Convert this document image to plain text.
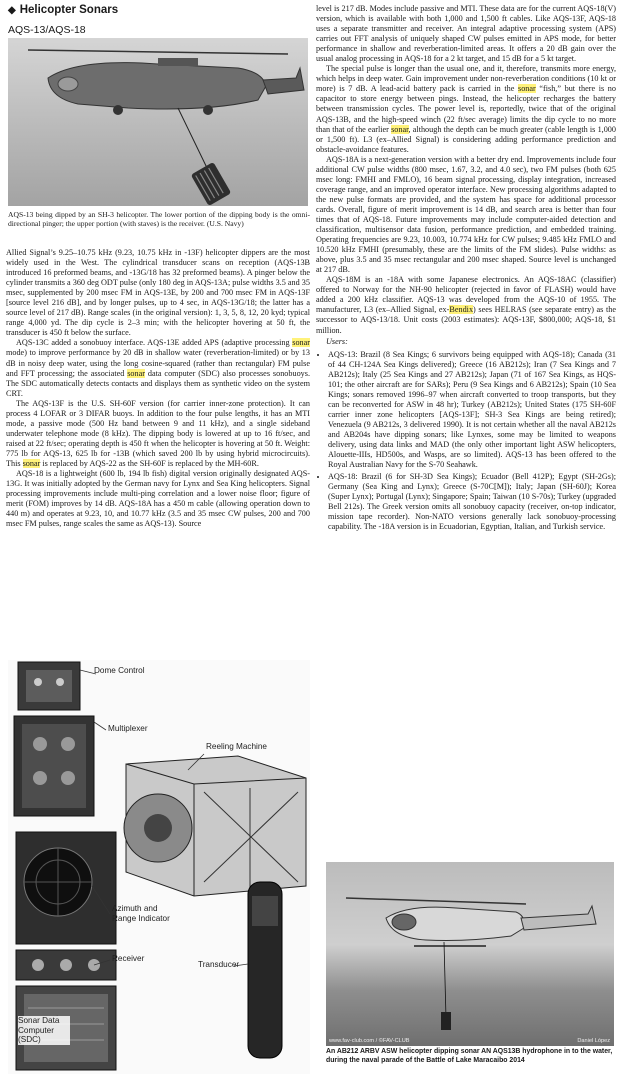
◆ Helicopter Sonars
AQS-13/AQS-18
AQS-13 being dipped by an SH-3 helicopter. The lower portion of the dipping body is the omni-directional pinger; the upper portion (with staves) is the receiver. (U.S. Navy)

Allied Signal’s 9.25–10.75 kHz (9.23, 10.75 kHz in -13F) helicopter dippers are the most widely used in the West. The cylindrical transducer scans on reception (AQS-13B introduced 16 preformed beams, and -13G/18 has 32 preformed beams). A pinger below the cylinder transmits a 360 deg ODT pulse (only 180 deg in AQS-13A; pulse widths 3.5 and 35 msec, supplemented by 200 msec FM in AQS-13E, by 200 and 700 msec FM in AQS-13F [source level 216 dB], and by longer pulses, up to 4 sec, in AQS-13G/18; the latter has a source level of 217 dB). Range scales (in the original version): 1, 3, 5, 8, 12, 20 kyd; typical range 4,000 yd. The dip cycle is 2–3 min; with the helicopter hovering at 50 ft, the transducer is 450 ft below the surface.

AQS-13C added a sonobuoy interface. AQS-13E added APS (adaptive processing sonar mode) to improve performance by 20 dB in shallow water (reverberation-limited) or by 13 dB in noisy deep water, using the long cosine-squared (rather than rectangular) FM pulse and FFT processing; the associated sonar data computer (SDC) also processes sonobuoys. The SDC automatically detects contacts and displays them as synthetic video on the system CRT.

The AQS-13F is the U.S. SH-60F version (for carrier inner-zone protection). It can process 4 LOFAR or 3 DIFAR buoys. In addition to the four pulse lengths, it has an MTI mode, a passive mode (500 Hz band between 9 and 11 kHz), and a single sideband underwater telephone mode (8 kHz). The dipping body is lowered at up to 16 ft/sec, and raised at 22 ft/sec; operating depth is 450 ft when the helicopter is hovering at 50 ft. Weight: 775 lb for AQS-13, 625 lb for -13B (which saved 200 lb by using hybrid microcircuits). This sonar is replaced by AQS-22 as the SH-60F is replaced by the MH-60R.

AQS-18 is a lightweight (600 lb, 194 lb fish) digital version originally designated AQS-13G. It was initially adopted by the German navy for Lynx and Sea King helicopters. Signal processing improvements include multi-ping correlation and a lower noise floor; figure of merit (FOM) improves by 14 dB. AQS-18A has a 450 m cable (allowing operation down to 440 m) and operates at 9.23, 10, and 10.77 kHz (3.5 and 35 msec CW pulses, 200 and 700 msec FM pulses, range scales the same as AQS-13). Source

level is 217 dB. Modes include passive and MTI. These data are for the current AQS-18(V) version, which is available with both 1,000 and 1,500 ft cables. Like AQS-13F, AQS-18 uses a separate transmitter and receiver. An integral adaptive processing system (APS) carries out FFT analysis of uniquely shaped CW pulses emitted in APS mode, for better performance in shallow and reverberation-limited areas. It offers a 20 dB gain over the usual analog processing in AQS-18 for a 2 kt target, and 15 dB for a 5 kt target.

The special pulse is longer than the usual one, and it, therefore, transmits more energy, which helps in deep water. Gain improvement under non-reverberation conditions (10 kt or more) is 7 dB. A lead-acid battery pack is carried in the sonar “fish,” but there is no capacitor to store energy between pings. Instead, the helicopter recharges the battery between transmission cycles. The power level is, reportedly, twice that of the original AQS-13B, and the high-speed winch (22 ft/sec average) limits the dip cycle to no more than that of the earlier sonar, although the depth can be much greater (cable length is 1,000 or 1,500 ft). L3 (ex–Allied Signal) is considering adding performance prediction and obstacle-avoidance features.

AQS-18A is a next-generation version with a better dry end. Improvements include four additional CW pulse widths (800 msec, 1.67, 3.2, and 4.0 sec), two FM pulses (both 625 msec long: FMHI and FMLO), 16 beam signal processing, display integration, increased coverage range, and an improved operator interface. New processing algorithms adapted to the new pulse formats are provided, and the system has space for additional processor cards. Overall, figure of merit improvement is 14 dB, and search area is better than four times that of AQS-18. Future improvements may include computer-aided detection and classification, multisensor data fusion, performance prediction, and embedded training. Operating frequencies are 9.23, 10.003, 10.774 kHz for CW pulses; 9.485 kHz FMLO and 10.520 kHz FMHI (presumably, these are the limits of the FM slides). Pulse widths: as above, plus 3.5 and 35 msec rectangular and 200 msec shaped. Source level is unchanged at 217 dB.

AQS-18M is an -18A with some Japanese electronics. An AQS-18AC (classifier) offered to Norway for the NH-90 helicopter (rejected in favor of FLASH) would have added a 200 kHz classifier. AQS-13 was developed from the AQS-10 of 1955. The manufacturer, L3 (ex–Allied Signal, ex-Bendix) sees HELRAS (see separate entry) as the successor to AQS-13/18. Unit costs (2003 estimates): AQS-13F, $800,000; AQS-18, $1 million.

Users:
• AQS-13: Brazil (8 Sea Kings; 6 survivors being equipped with AQS-18); Canada (31 of 44 CH-124A Sea Kings delivered); Greece (16 AB212s); Iran (7 Sea Kings and 7 AB212s); Italy (25 Sea Kings and 27 AB212s); Japan (71 of 167 Sea Kings, as HQS-101; the other aircraft are for SARs); Peru (9 Sea Kings and 6 AB212s); Spain (10 Sea Kings; sonars removed 1996–97 when aircraft converted to troop transports, but they can be reconverted for ASW in 48 hr); Turkey (AB212s); United States (175 SH-60F carrier inner zone helicopters [AQS-13F]; SH-3 Sea Kings are being retired); Venezuela (9 AB212s, 3 delivered 1990). It is not certain whether all the naval AB212s and AB204s have dipping sonars; like Lynxes, some may be limited to weapons delivery, using data links and MAD (the only other important light ASW helicopters, Alouette-IIIs, HD500s, and Wasps, are so limited). AQS-13 has been offered to the Royal Australian Navy for the S-70 Seahawk.
• AQS-18: Brazil (6 for SH-3D Sea Kings); Ecuador (Bell 412P); Egypt (SH-2Gs); Germany (Sea King and Lynx); Greece (S-70C[M]); Italy; Japan (SH-60J); Korea (Super Lynx); Portugal (Lynx); Singapore; Spain; Taiwan (10 S-70s); Turkey (upgraded Bell 212s). The Greek version omits all sonobuoy capacity (receiver, on-top indicator, mission tape recorder). Non-NATO versions generally lack sonobuoy-processing capability. The -18A version is in Ecuadorian, Egyptian, Italian, and Turkish service.
Dome Control
Multiplexer
Reeling Machine
Azimuth and Range Indicator
Receiver
Transducer
Sonar Data Computer (SDC)	www.fav-club.com / ©FAV-CLUB	Daniel López
An AB212 ARBV ASW helicopter dipping sonar AN AQS13B hydrophone in to the water, during the naval parade of the Battle of Lake Maracaibo 2014
